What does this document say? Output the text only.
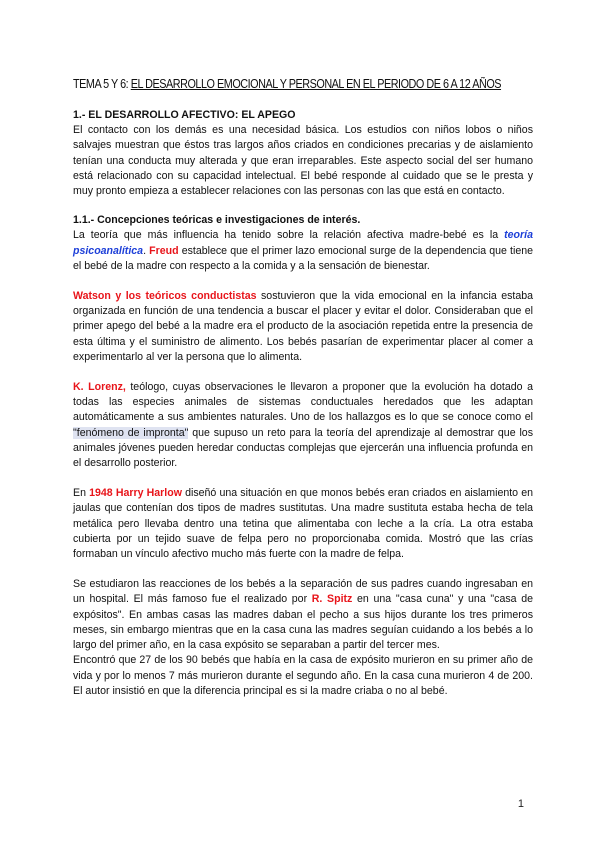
TEMA 5 Y 6: EL DESARROLLO EMOCIONAL Y PERSONAL EN EL PERIODO DE 6 A 12 AÑOS

1.- EL DESARROLLO AFECTIVO: EL APEGO

El contacto con los demás es una necesidad básica. Los estudios con niños lobos o niños salvajes muestran que éstos tras largos años criados en condiciones precarias y de aislamiento tenían una conducta muy alterada y que eran irreparables. Este aspecto social del ser humano está relacionado con su capacidad intelectual. El bebé responde al cuidado que se le presta y muy pronto empieza a establecer relaciones con las personas con las que está en contacto.

1.1.- Concepciones teóricas e investigaciones de interés.

La teoría que más influencia ha tenido sobre la relación afectiva madre-bebé es la teoría psicoanalítica. Freud establece que el primer lazo emocional surge de la dependencia que tiene el bebé de la madre con respecto a la comida y a la sensación de bienestar.

Watson y los teóricos conductistas sostuvieron que la vida emocional en la infancia estaba organizada en función de una tendencia a buscar el placer y evitar el dolor. Consideraban que el primer apego del bebé a la madre era el producto de la asociación repetida entre la presencia de esta última y el suministro de alimento. Los bebés pasarían de experimentar placer al comer a experimentarlo al ver la persona que lo alimenta.

K. Lorenz, teólogo, cuyas observaciones le llevaron a proponer que la evolución ha dotado a todas las especies animales de sistemas conductuales heredados que les adaptan automáticamente a sus ambientes naturales. Uno de los hallazgos es lo que se conoce como el "fenómeno de impronta" que supuso un reto para la teoría del aprendizaje al demostrar que los animales jóvenes pueden heredar conductas complejas que ejercerán una influencia profunda en el desarrollo posterior.

En 1948 Harry Harlow diseñó una situación en que monos bebés eran criados en aislamiento en jaulas que contenían dos tipos de madres sustitutas. Una madre sustituta estaba hecha de tela metálica pero llevaba dentro una tetina que alimentaba con leche a la cría. La otra estaba cubierta por un tejido suave de felpa pero no proporcionaba comida. Mostró que las crías formaban un vínculo afectivo mucho más fuerte con la madre de felpa.

Se estudiaron las reacciones de los bebés a la separación de sus padres cuando ingresaban en un hospital. El más famoso fue el realizado por R. Spitz en una "casa cuna" y una "casa de expósitos". En ambas casas las madres daban el pecho a sus hijos durante los tres primeros meses, sin embargo mientras que en la casa cuna las madres seguían cuidando a los bebés a lo largo del primer año, en la casa expósito se separaban a partir del tercer mes.

Encontró que 27 de los 90 bebés que había en la casa de expósito murieron en su primer año de vida y por lo menos 7 más murieron durante el segundo año. En la casa cuna murieron 4 de 200. El autor insistió en que la diferencia principal es si la madre criaba o no al bebé.

1
